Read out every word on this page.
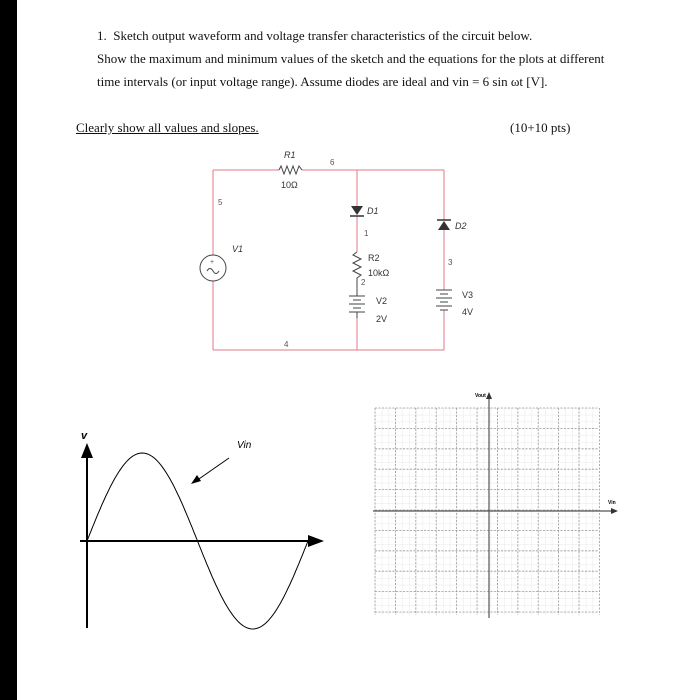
1. Sketch output waveform and voltage transfer characteristics of the circuit below.
Show the maximum and minimum values of the sketch and the equations for the plots at different
time intervals (or input voltage range). Assume diodes are ideal and vin = 6 sin ωt [V].
Clearly show all values and slopes.	(10+10 pts)
+
V1
R1
10Ω
D1
R2
10kΩ
V2
2V
D2
V3
4V
6
5
1
2
3
4
v
Vin
Vout
Vin
